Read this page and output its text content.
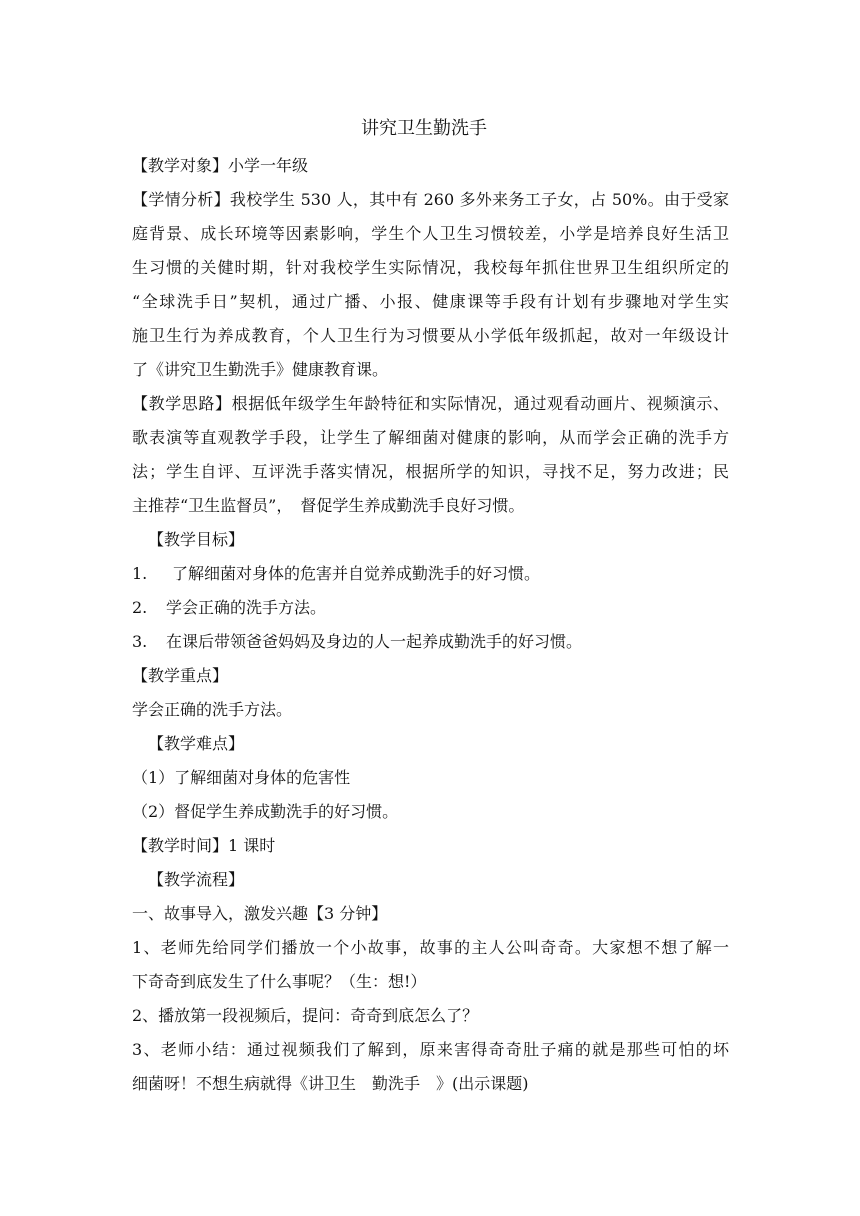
讲究卫生勤洗手

【教学对象】小学一年级

【学情分析】我校学生 530 人，其中有 260 多外来务工子女，占 50%。由于受家

庭背景、成长环境等因素影响，学生个人卫生习惯较差，小学是培养良好生活卫

生习惯的关健时期，针对我校学生实际情况，我校每年抓住世界卫生组织所定的

“全球洗手日”契机，通过广播、小报、健康课等手段有计划有步骤地对学生实

施卫生行为养成教育，个人卫生行为习惯要从小学低年级抓起，故对一年级设计

了《讲究卫生勤洗手》健康教育课。

【教学思路】根据低年级学生年龄特征和实际情况，通过观看动画片、视频演示、

歌表演等直观教学手段，让学生了解细菌对健康的影响，从而学会正确的洗手方

法；学生自评、互评洗手落实情况，根据所学的知识，寻找不足，努力改进；民

主推荐“卫生监督员”，　督促学生养成勤洗手良好习惯。

【教学目标】

1. 了解细菌对身体的危害并自觉养成勤洗手的好习惯。

2. 学会正确的洗手方法。

3. 在课后带领爸爸妈妈及身边的人一起养成勤洗手的好习惯。

【教学重点】

学会正确的洗手方法。

【教学难点】

（1）了解细菌对身体的危害性

（2）督促学生养成勤洗手的好习惯。

【教学时间】1 课时

【教学流程】

一、故事导入，激发兴趣【3 分钟】

1、老师先给同学们播放一个小故事，故事的主人公叫奇奇。大家想不想了解一

下奇奇到底发生了什么事呢？（生：想!）

2、播放第一段视频后，提问：奇奇到底怎么了？

3、老师小结：通过视频我们了解到，原来害得奇奇肚子痛的就是那些可怕的坏

细菌呀！不想生病就得《讲卫生　勤洗手　》(出示课题)
